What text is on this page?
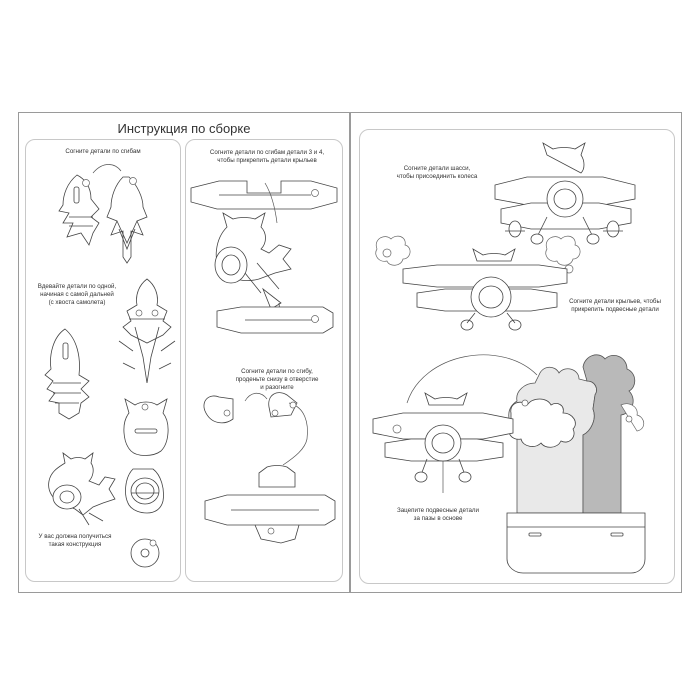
Инструкция по сборке
Согните детали по сгибам
Вдевайте детали по одной,
начиная с самой дальней
(с хвоста самолета)
У вас должна получиться
такая конструкция
Согните детали по сгибам детали 3 и 4,
чтобы прикрепить детали крыльев
Согните детали по сгибу,
проденьте снизу в отверстие
и разогните
Согните детали шасси,
чтобы присоединить колеса
Согните детали крыльев, чтобы
прикрепить подвесные детали
Зацепите подвесные детали
за пазы в основе
